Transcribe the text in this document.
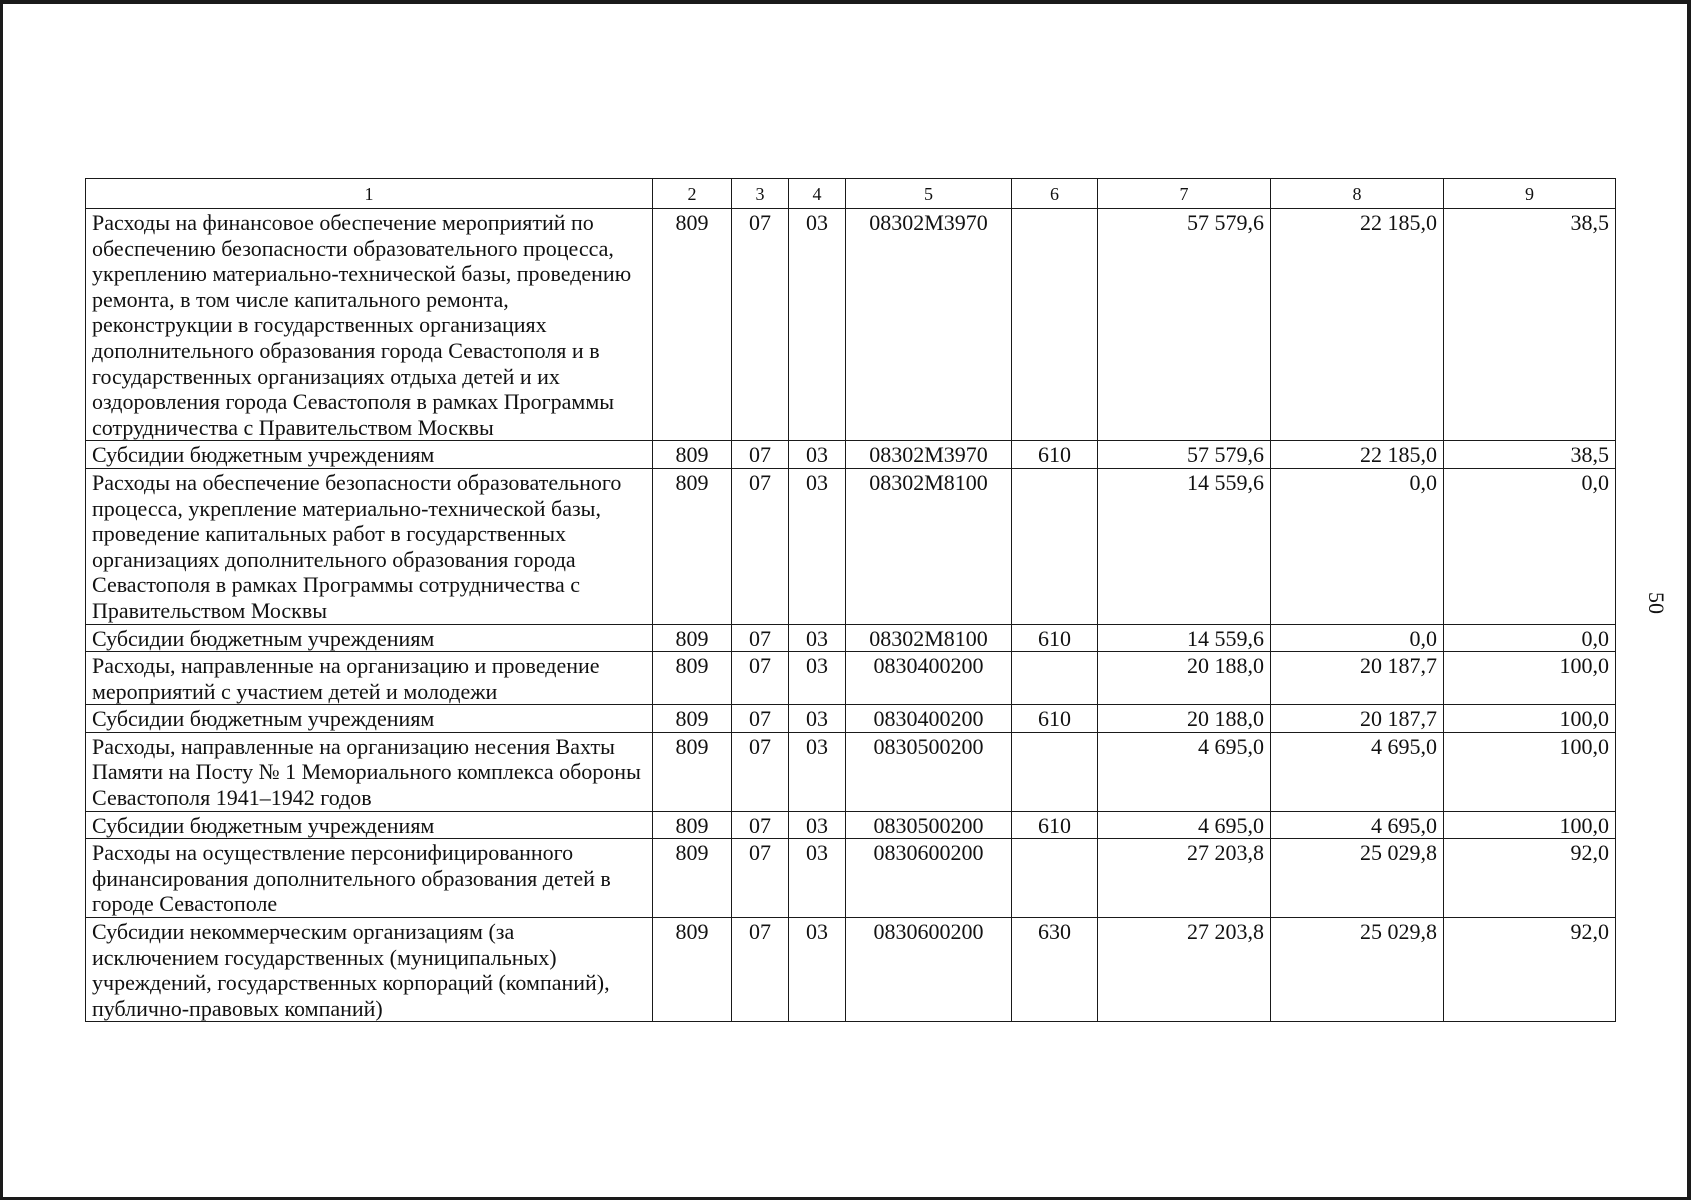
50
1	2	3	4	5	6	7	8	9
Расходы на финансовое обеспечение мероприятий по обеспечению безопасности образовательного процесса, укреплению материально-технической базы, проведению ремонта, в том числе капитального ремонта, реконструкции в государственных организациях дополнительного образования города Севастополя и в государственных организациях отдыха детей и их оздоровления города Севастополя в рамках Программы сотрудничества с Правительством Москвы	809	07	03	08302М3970		57 579,6	22 185,0	38,5
Субсидии бюджетным учреждениям	809	07	03	08302М3970	610	57 579,6	22 185,0	38,5
Расходы на обеспечение безопасности образовательного процесса, укрепление материально-технической базы, проведение капитальных работ в государственных организациях дополнительного образования города Севастополя в рамках Программы сотрудничества с Правительством Москвы	809	07	03	08302М8100		14 559,6	0,0	0,0
Субсидии бюджетным учреждениям	809	07	03	08302М8100	610	14 559,6	0,0	0,0
Расходы, направленные на организацию и проведение мероприятий с участием детей и молодежи	809	07	03	0830400200		20 188,0	20 187,7	100,0
Субсидии бюджетным учреждениям	809	07	03	0830400200	610	20 188,0	20 187,7	100,0
Расходы, направленные на организацию несения Вахты Памяти на Посту № 1 Мемориального комплекса обороны Севастополя 1941–1942 годов	809	07	03	0830500200		4 695,0	4 695,0	100,0
Субсидии бюджетным учреждениям	809	07	03	0830500200	610	4 695,0	4 695,0	100,0
Расходы на осуществление персонифицированного финансирования дополнительного образования детей в городе Севастополе	809	07	03	0830600200		27 203,8	25 029,8	92,0
Субсидии некоммерческим организациям (за исключением государственных (муниципальных) учреждений, государственных корпораций (компаний), публично-правовых компаний)	809	07	03	0830600200	630	27 203,8	25 029,8	92,0
